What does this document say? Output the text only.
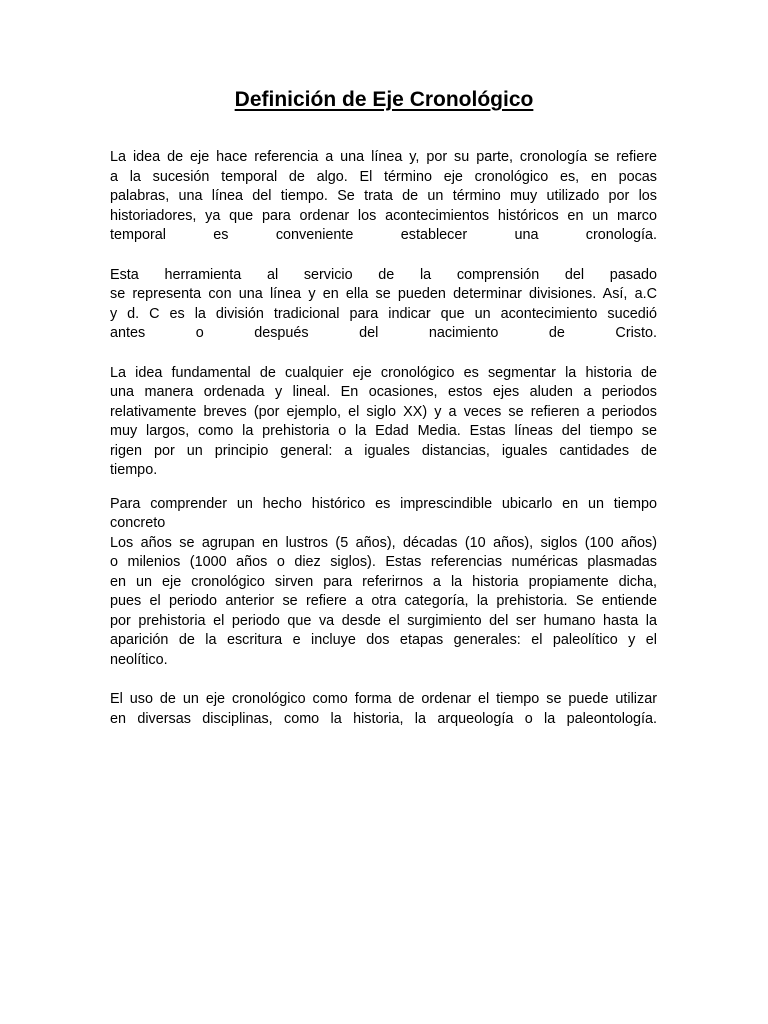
Definición de Eje Cronológico

La idea de eje hace referencia a una línea y, por su parte, cronología se refiere
a la sucesión temporal de algo. El término eje cronológico es, en pocas
palabras, una línea del tiempo. Se trata de un término muy utilizado por los
historiadores, ya que para ordenar los acontecimientos históricos en un marco
temporal es conveniente establecer una cronología.

Esta herramienta al servicio de la comprensión del pasado
se representa con una línea y en ella se pueden determinar divisiones. Así, a.C
y d. C es la división tradicional para indicar que un acontecimiento sucedió
antes o después del nacimiento de Cristo.

La idea fundamental de cualquier eje cronológico es segmentar la historia de
una manera ordenada y lineal. En ocasiones, estos ejes aluden a periodos
relativamente breves (por ejemplo, el siglo XX) y a veces se refieren a periodos
muy largos, como la prehistoria o la Edad Media. Estas líneas del tiempo se
rigen por un principio general: a iguales distancias, iguales cantidades de
tiempo.

Para comprender un hecho histórico es imprescindible ubicarlo en un tiempo
concreto
Los años se agrupan en lustros (5 años), décadas (10 años), siglos (100 años)
o milenios (1000 años o diez siglos). Estas referencias numéricas plasmadas
en un eje cronológico sirven para referirnos a la historia propiamente dicha,
pues el periodo anterior se refiere a otra categoría, la prehistoria. Se entiende
por prehistoria el periodo que va desde el surgimiento del ser humano hasta la
aparición de la escritura e incluye dos etapas generales: el paleolítico y el
neolítico.

El uso de un eje cronológico como forma de ordenar el tiempo se puede utilizar
en diversas disciplinas, como la historia, la arqueología o la paleontología.
